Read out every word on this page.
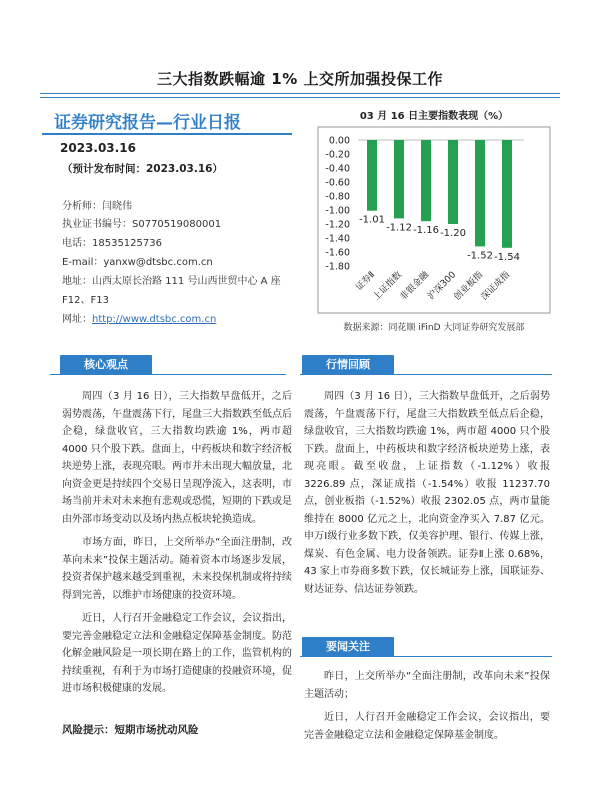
三大指数跌幅逾 1% 上交所加强投保工作
证券研究报告—行业日报
2023.03.16
（预计发布时间：2023.03.16）
分析师：闫晓伟
执业证书编号：S0770519080001
电话：18535125736
E-mail：yanxw@dtsbc.com.cn
地址：山西太原长治路 111 号山西世贸中心 A 座
F12、F13
网址：http://www.dtsbc.com.cn
03 月 16 日主要指数表现（%）
0.00
-0.20
-0.40
-0.60
-0.80
-1.00
-1.20
-1.40
-1.60
-1.80
-1.01
证券Ⅱ
-1.12
上证指数
-1.16
非银金融
-1.20
沪深300
-1.52
创业板指
-1.54
深证成指
数据来源：同花顺 iFinD 大同证券研究发展部
核心观点	行情回顾

周四（3 月 16 日），三大指数早盘低开，之后弱势震荡，午盘震荡下行，尾盘三大指数跌至低点后企稳，绿盘收官，三大指数均跌逾 1%，两市超 4000 只个股下跌。盘面上，中药板块和数字经济板块逆势上涨，表现亮眼。两市并未出现大幅放量，北向资金更是持续四个交易日呈现净流入，这表明，市场当前并未对未来抱有悲观或恐慌，短期的下跌或是由外部市场变动以及场内热点板块轮换造成。

市场方面，昨日，上交所举办“全面注册制，改革向未来”投保主题活动。随着资本市场逐步发展，投资者保护越来越受到重视，未来投保机制或将持续得到完善，以维护市场健康的投资环境。

近日，人行召开金融稳定工作会议，会议指出，要完善金融稳定立法和金融稳定保障基金制度。防范化解金融风险是一项长期在路上的工作，监管机构的持续重视，有利于为市场打造健康的投融资环境，促进市场积极健康的发展。

风险提示：短期市场扰动风险

周四（3 月 16 日），三大指数早盘低开，之后弱势震荡，午盘震荡下行，尾盘三大指数跌至低点后企稳，绿盘收官，三大指数均跌逾 1%，两市超 4000 只个股下跌。盘面上，中药板块和数字经济板块逆势上涨，表现亮眼。截至收盘，上证指数（-1.12%）收报 3226.89 点，深证成指（-1.54%）收报 11237.70 点，创业板指（-1.52%）收报 2302.05 点，两市量能维持在 8000 亿元之上，北向资金净买入 7.87 亿元。申万Ⅰ级行业多数下跌，仅美容护理、银行、传媒上涨，煤炭、有色金属、电力设备领跌。证券Ⅱ上涨 0.68%，43 家上市券商多数下跌，仅长城证券上涨，国联证券、财达证券、信达证券领跌。

要闻关注

昨日，上交所举办“全面注册制，改革向未来”投保主题活动；

近日，人行召开金融稳定工作会议，会议指出，要完善金融稳定立法和金融稳定保障基金制度。
